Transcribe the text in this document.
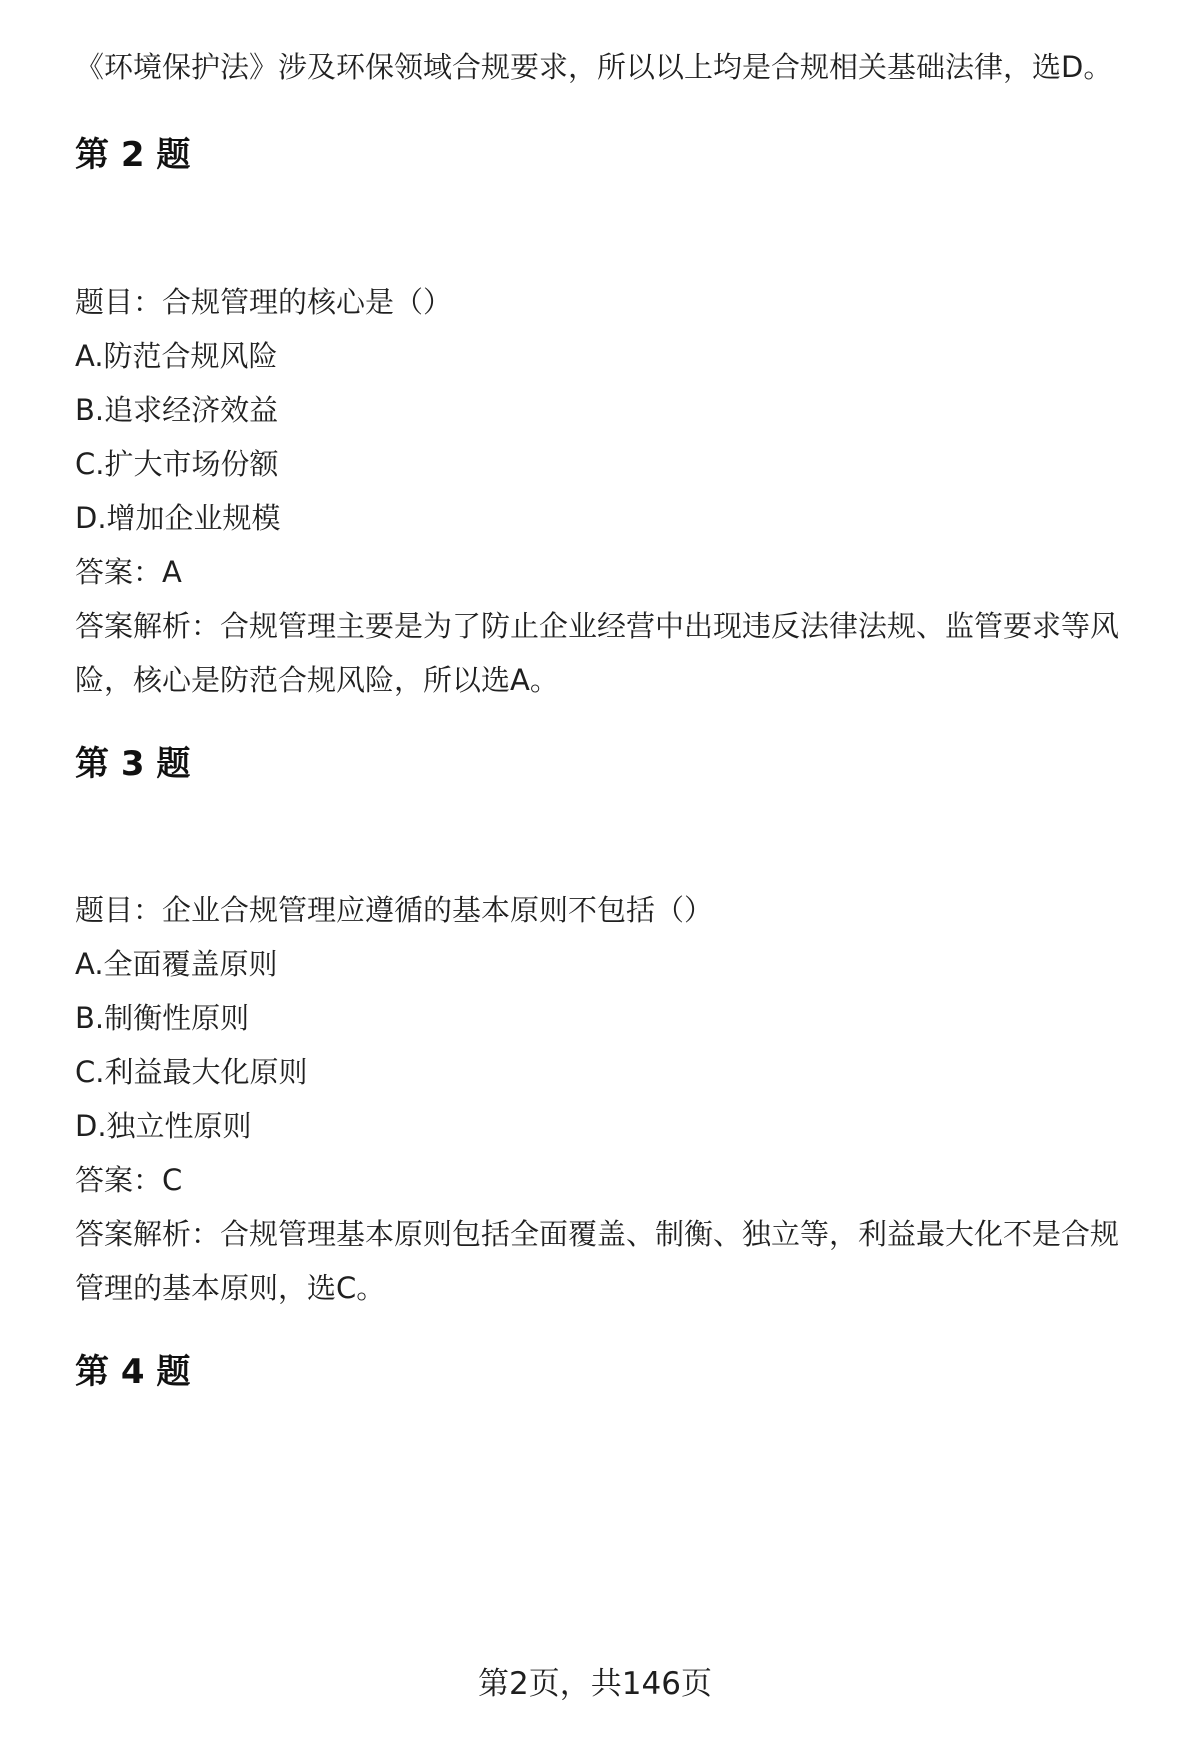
《环境保护法》涉及环保领域合规要求，所以以上均是合规相关基础法律，选D。
第 2 题
题目：合规管理的核心是（）
A.防范合规风险
B.追求经济效益
C.扩大市场份额
D.增加企业规模
答案：A
答案解析：合规管理主要是为了防止企业经营中出现违反法律法规、监管要求等风
险，核心是防范合规风险，所以选A。
第 3 题
题目：企业合规管理应遵循的基本原则不包括（）
A.全面覆盖原则
B.制衡性原则
C.利益最大化原则
D.独立性原则
答案：C
答案解析：合规管理基本原则包括全面覆盖、制衡、独立等，利益最大化不是合规
管理的基本原则，选C。
第 4 题
第2页，共146页
